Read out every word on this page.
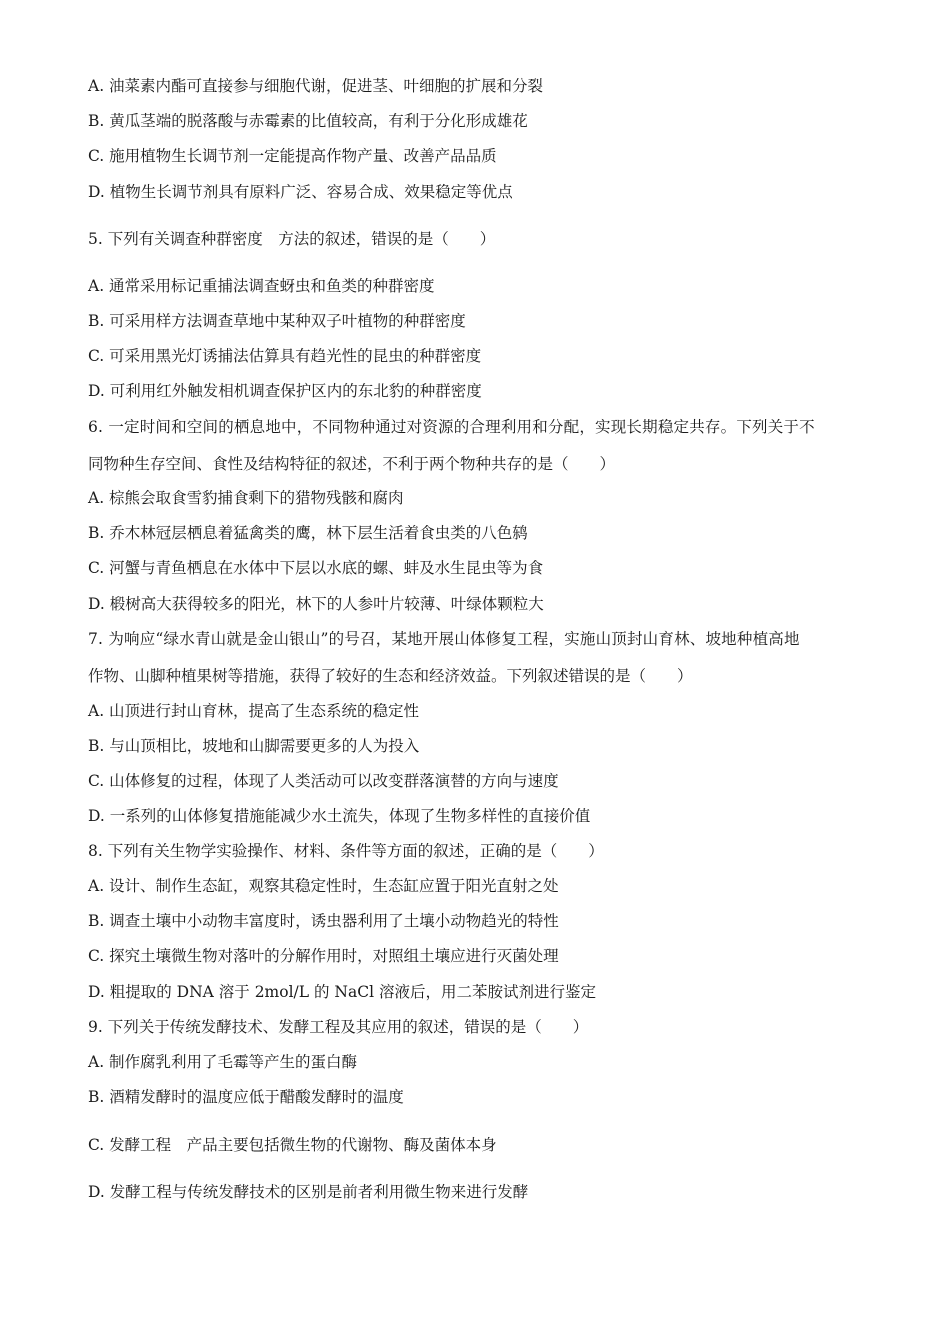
A. 油菜素内酯可直接参与细胞代谢，促进茎、叶细胞的扩展和分裂
B. 黄瓜茎端的脱落酸与赤霉素的比值较高，有利于分化形成雄花
C. 施用植物生长调节剂一定能提高作物产量、改善产品品质
D. 植物生长调节剂具有原料广泛、容易合成、效果稳定等优点
5. 下列有关调查种群密度　方法的叙述，错误的是（　　）
A. 通常采用标记重捕法调查蚜虫和鱼类的种群密度
B. 可采用样方法调查草地中某种双子叶植物的种群密度
C. 可采用黑光灯诱捕法估算具有趋光性的昆虫的种群密度
D. 可利用红外触发相机调查保护区内的东北豹的种群密度
6. 一定时间和空间的栖息地中，不同物种通过对资源的合理利用和分配，实现长期稳定共存。下列关于不
同物种生存空间、食性及结构特征的叙述，不利于两个物种共存的是（　　）
A. 棕熊会取食雪豹捕食剩下的猎物残骸和腐肉
B. 乔木林冠层栖息着猛禽类的鹰，林下层生活着食虫类的八色鸫
C. 河蟹与青鱼栖息在水体中下层以水底的螺、蚌及水生昆虫等为食
D. 椴树高大获得较多的阳光，林下的人参叶片较薄、叶绿体颗粒大
7. 为响应“绿水青山就是金山银山”的号召，某地开展山体修复工程，实施山顶封山育林、坡地种植高地
作物、山脚种植果树等措施，获得了较好的生态和经济效益。下列叙述错误的是（　　）
A. 山顶进行封山育林，提高了生态系统的稳定性
B. 与山顶相比，坡地和山脚需要更多的人为投入
C. 山体修复的过程，体现了人类活动可以改变群落演替的方向与速度
D. 一系列的山体修复措施能减少水土流失，体现了生物多样性的直接价值
8. 下列有关生物学实验操作、材料、条件等方面的叙述，正确的是（　　）
A. 设计、制作生态缸，观察其稳定性时，生态缸应置于阳光直射之处
B. 调查土壤中小动物丰富度时，诱虫器利用了土壤小动物趋光的特性
C. 探究土壤微生物对落叶的分解作用时，对照组土壤应进行灭菌处理
D. 粗提取的 DNA 溶于 2mol/L 的 NaCl 溶液后，用二苯胺试剂进行鉴定
9. 下列关于传统发酵技术、发酵工程及其应用的叙述，错误的是（　　）
A. 制作腐乳利用了毛霉等产生的蛋白酶
B. 酒精发酵时的温度应低于醋酸发酵时的温度
C. 发酵工程　产品主要包括微生物的代谢物、酶及菌体本身
D. 发酵工程与传统发酵技术的区别是前者利用微生物来进行发酵
